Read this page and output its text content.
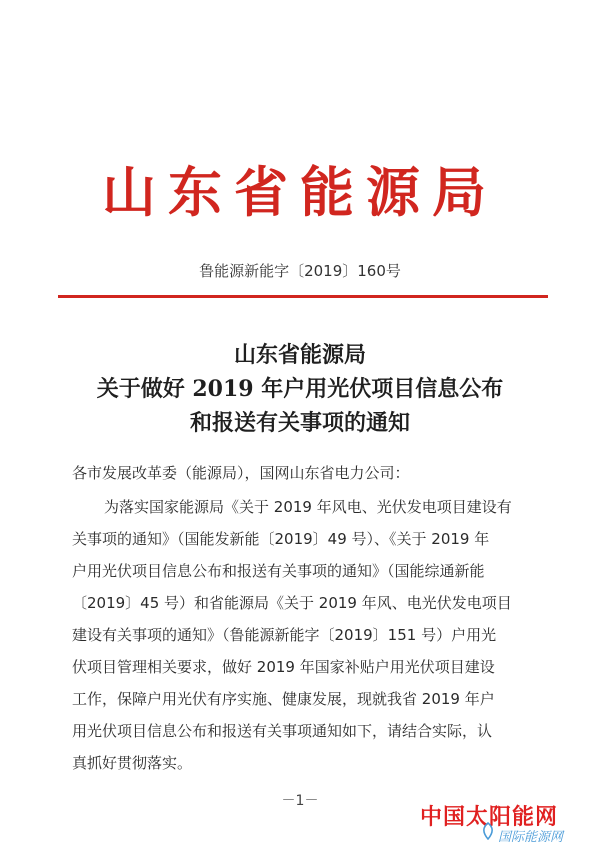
山东省能源局
鲁能源新能字〔2019〕160号
山东省能源局
关于做好 2019 年户用光伏项目信息公布
和报送有关事项的通知
各市发展改革委（能源局），国网山东省电力公司：
为落实国家能源局《关于 2019 年风电、光伏发电项目建设有
关事项的通知》（国能发新能〔2019〕49 号）、《关于 2019 年
户用光伏项目信息公布和报送有关事项的通知》（国能综通新能
〔2019〕45 号）和省能源局《关于 2019 年风、电光伏发电项目
建设有关事项的通知》（鲁能源新能字〔2019〕151 号）户用光
伏项目管理相关要求，做好 2019 年国家补贴户用光伏项目建设
工作，保障户用光伏有序实施、健康发展，现就我省 2019 年户
用光伏项目信息公布和报送有关事项通知如下，请结合实际，认
真抓好贯彻落实。
－1－
中国太阳能网
国际能源网
